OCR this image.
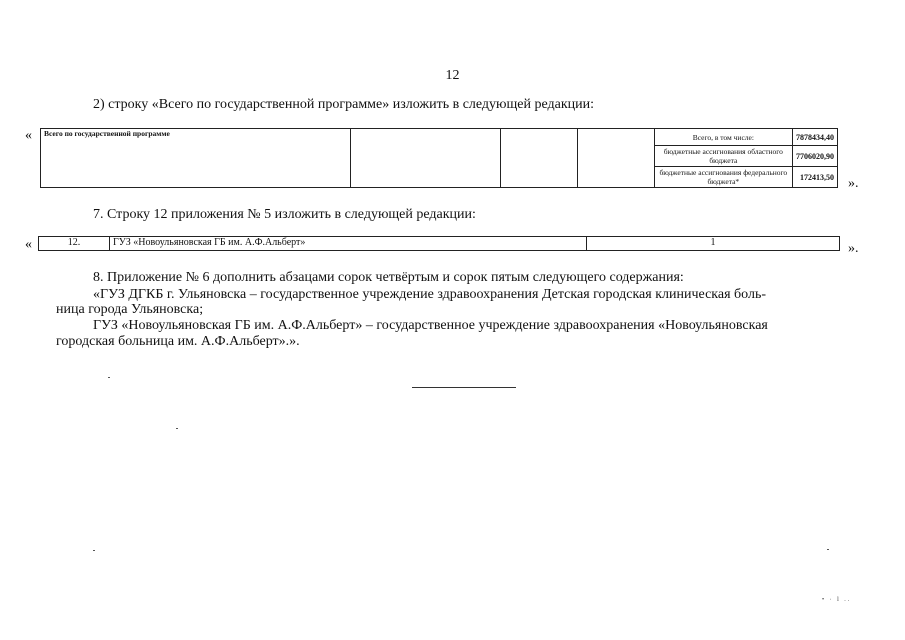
12
2) строку «Всего по государственной программе» изложить в следующей редакции:
«
».
Всего по государственной программе				Всего, в том числе:	7878434,40
				бюджетные ассигнования областного бюджета	7706020,90
				бюджетные ассигнования федерального бюджета*	172413,50
7. Строку 12 приложения № 5 изложить в следующей редакции:
«	».
12.	ГУЗ «Новоульяновская ГБ им. А.Ф.Альберт»	1
8. Приложение № 6 дополнить абзацами сорок четвёртым и сорок пятым следующего содержания:
«ГУЗ ДГКБ г. Ульяновска – государственное учреждение здравоохранения Детская городская клиническая боль-
ница города Ульяновска;
ГУЗ «Новоульяновская ГБ им. А.Ф.Альберт» – государственное учреждение здравоохранения «Новоульяновская
городская больница им. А.Ф.Альберт».».
• · l ..
